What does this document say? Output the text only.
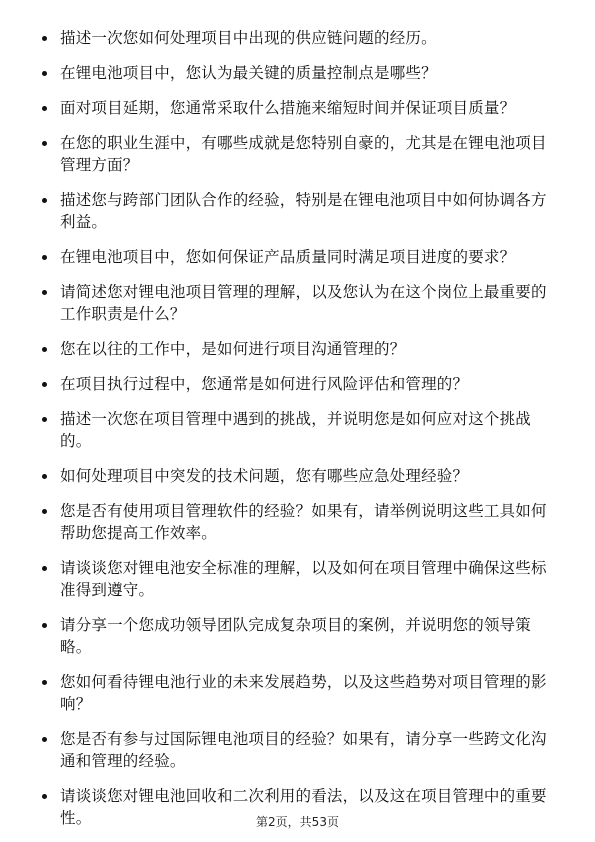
描述一次您如何处理项目中出现的供应链问题的经历。
在锂电池项目中，您认为最关键的质量控制点是哪些？
面对项目延期，您通常采取什么措施来缩短时间并保证项目质量？
在您的职业生涯中，有哪些成就是您特别自豪的，尤其是在锂电池项目管理方面？
描述您与跨部门团队合作的经验，特别是在锂电池项目中如何协调各方利益。
在锂电池项目中，您如何保证产品质量同时满足项目进度的要求？
请简述您对锂电池项目管理的理解，以及您认为在这个岗位上最重要的工作职责是什么？
您在以往的工作中，是如何进行项目沟通管理的？
在项目执行过程中，您通常是如何进行风险评估和管理的？
描述一次您在项目管理中遇到的挑战，并说明您是如何应对这个挑战的。
如何处理项目中突发的技术问题，您有哪些应急处理经验？
您是否有使用项目管理软件的经验？如果有，请举例说明这些工具如何帮助您提高工作效率。
请谈谈您对锂电池安全标准的理解，以及如何在项目管理中确保这些标准得到遵守。
请分享一个您成功领导团队完成复杂项目的案例，并说明您的领导策略。
您如何看待锂电池行业的未来发展趋势，以及这些趋势对项目管理的影响？
您是否有参与过国际锂电池项目的经验？如果有，请分享一些跨文化沟通和管理的经验。
请谈谈您对锂电池回收和二次利用的看法，以及这在项目管理中的重要性。	第2页，共53页
